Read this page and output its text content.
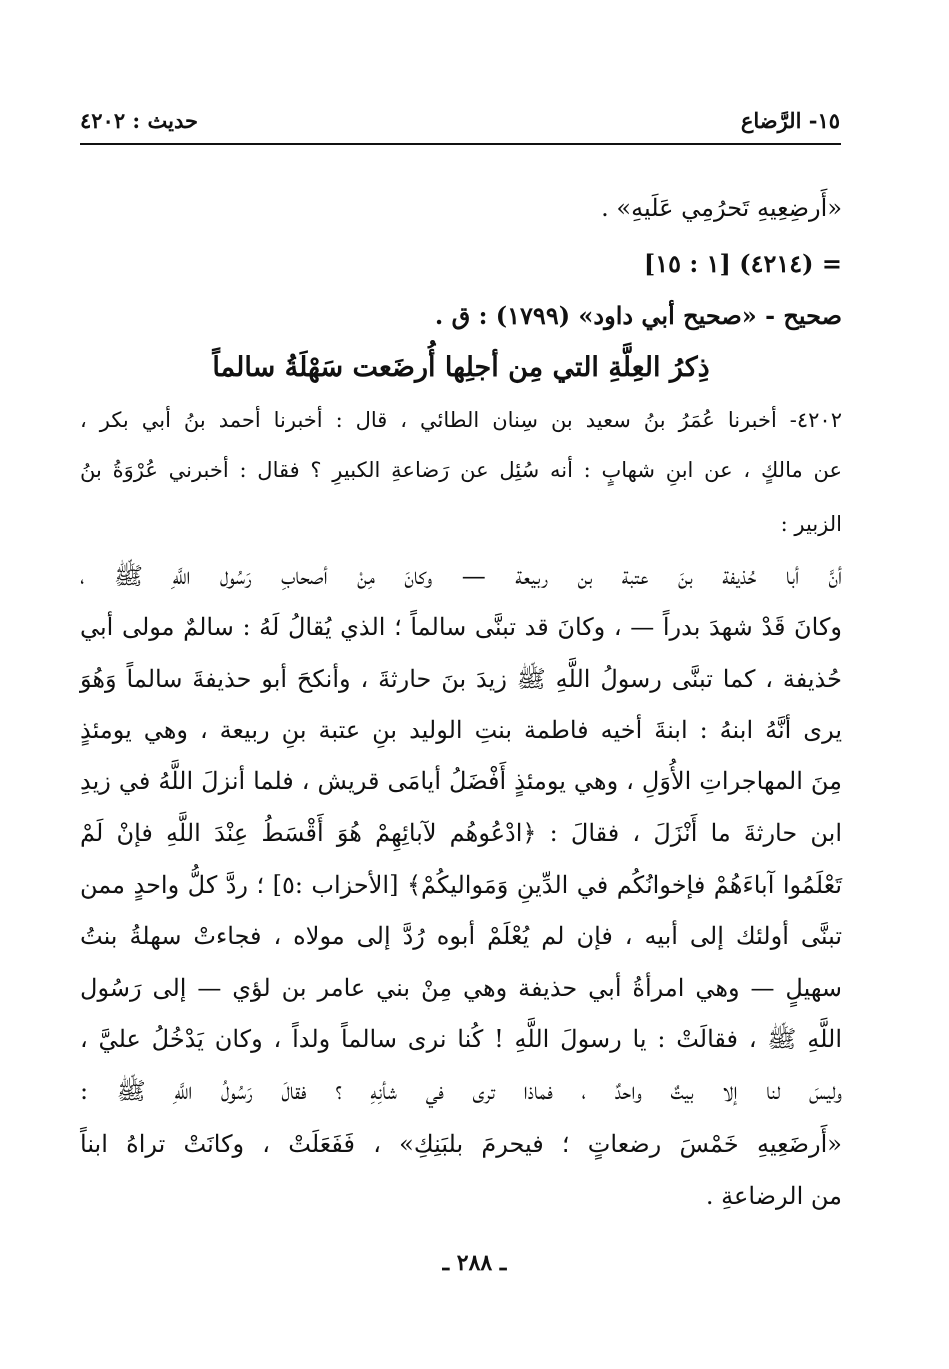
١٥- الرَّضاع
حديث : ٤٢٠٢
«أَرضِعِيهِ تَحرُمِي عَلَيهِ» .
= (٤٢١٤) [١ : ١٥]
صحيح - «صحيح أبي داود» (١٧٩٩) : ق .
ذِكرُ العِلَّةِ التي مِن أجلِها أُرضَعت سَهْلَةُ سالماً
٤٢٠٢- أخبرنا عُمَرُ بنُ سعيد بن سِنان الطائي ، قال : أخبرنا أحمد بنُ أبي بكر ،
عن مالكٍ ، عن ابنِ شهابٍ : أنه سُئِل عن رَضاعةِ الكبيرِ ؟ فقال : أخبرني عُرْوَةُ بنُ
الزبير :
أنَّ أبا حُذيفة بنَ عتبة بن ربيعة — وكانَ مِنْ أصحابِ رَسُول اللَّهِ ﷺ ،
وكانَ قَدْ شهدَ بدراً — ، وكانَ قد تبنَّى سالماً ؛ الذي يُقالُ لَهُ : سالمٌ مولى أبي
حُذيفة ، كما تبنَّى رسولُ اللَّهِ ﷺ زيدَ بنَ حارثةَ ، وأنكحَ أبو حذيفةَ سالماً وَهُوَ
يرى أنَّهُ ابنهُ : ابنةَ أخيه فاطمة بنتِ الوليد بنِ عتبة بنِ ربيعة ، وهي يومئذٍ
مِنَ المهاجراتِ الأُوَلِ ، وهي يومئذٍ أَفْضَلُ أيامَى قريش ، فلما أنزلَ اللَّهُ في زيدِ
ابن حارثةَ ما أَنْزَلَ ، فقالَ : ﴿ادْعُوهُم لآبائِهِمْ هُوَ أَقْسَطُ عِنْدَ اللَّهِ فإنْ لَمْ
تَعْلَمُوا آباءَهُمْ فإخوانُكُم في الدِّينِ وَمَواليكُمْ﴾ [الأحزاب :٥] ؛ ردَّ كلُّ واحدٍ ممن
تبنَّى أولئك إلى أبيه ، فإن لم يُعْلَمْ أبوه رُدَّ إلى مولاه ، فجاءتْ سهلةُ بنتُ
سهيلٍ — وهي امرأةُ أبي حذيفة وهي مِنْ بني عامر بن لؤي — إلى رَسُول
اللَّهِ ﷺ ، فقالَتْ : يا رسولَ اللَّهِ ! كُنا نرى سالماً ولداً ، وكان يَدْخُلُ عليَّ ،
وليسَ لنا إلا بيتٌ واحدٌ ، فماذا ترى في شأنِهِ ؟ فقالَ رَسُولُ اللَّهِ ﷺ :
«أَرضَعِيهِ خَمْسَ رضعاتٍ ؛ فيحرمَ بلبَنِكِ» ، فَفَعَلَتْ ، وكانَتْ تراهُ ابناً
من الرضاعةِ .
ـ ٢٨٨ ـ
